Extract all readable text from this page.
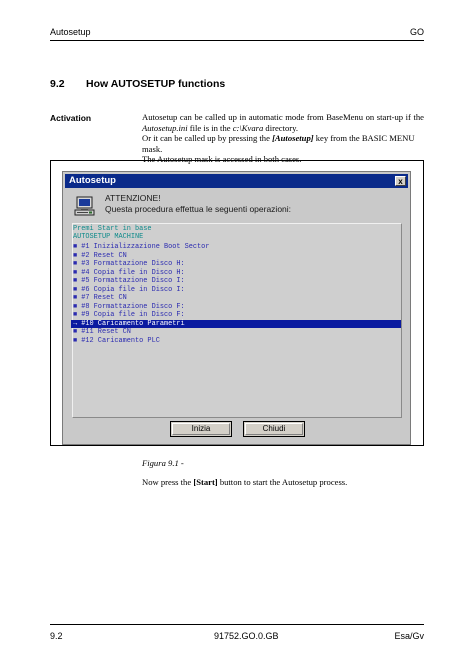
Autosetup	GO
9.2 How AUTOSETUP functions
Activation	Autosetup can be called up in automatic mode from BaseMenu on start-up if the

Autosetup.ini file is in the c:\Kvara directory.

Or it can be called up by pressing the [Autosetup] key from the BASIC MENU mask.

The Autosetup mask is accessed in both cases.

Autosetup	x
ATTENZIONE!
Questa procedura effettua le seguenti operazioni:
Premi Start in base
AUTOSETUP MACHINE
■ #1 Inizializzazione Boot Sector
■ #2 Reset CN
■ #3 Formattazione Disco H:
■ #4 Copia file in Disco H:
■ #5 Formattazione Disco I:
■ #6 Copia file in Disco I:
■ #7 Reset CN
■ #8 Formattazione Disco F:
■ #9 Copia file in Disco F:
→ #10 Caricamento Parametri
■ #11 Reset CN
■ #12 Caricamento PLC
Inizia	Chiudi
Figura 9.1 -
Now press the [Start] button to start the Autosetup process.
9.2	91752.GO.0.GB	Esa/Gv
